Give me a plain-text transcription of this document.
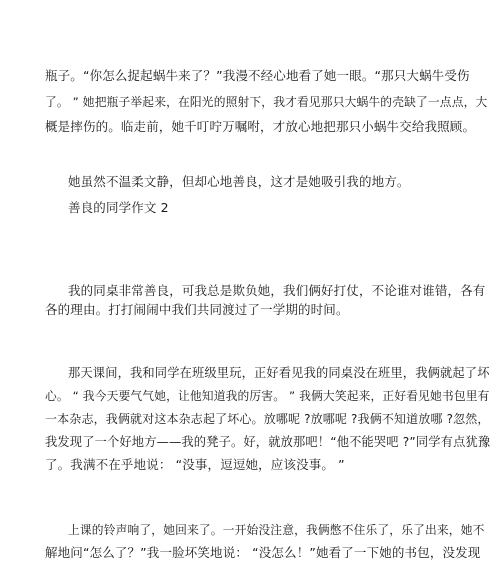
瓶子。“你怎么捉起蜗牛来了？”我漫不经心地看了她一眼。“那只大蜗牛受伤
了。 ” 她把瓶子举起来，在阳光的照射下，我才看见那只大蜗牛的壳缺了一点点，大
概是摔伤的。临走前，她千叮咛万嘱咐，才放心地把那只小蜗牛交给我照顾。
她虽然不温柔文静，但却心地善良，这才是她吸引我的地方。
善良的同学作文 2
我的同桌非常善良，可我总是欺负她，我们俩好打仗，不论谁对谁错，各有
各的理由。打打闹闹中我们共同渡过了一学期的时间。
那天课间，我和同学在班级里玩，正好看见我的同桌没在班里，我俩就起了坏
心。 “ 我今天要气气她，让他知道我的厉害。 ” 我俩大笑起来，正好看见她书包里有
一本杂志，我俩就对这本杂志起了坏心。放哪呢 ?放哪呢 ?我俩不知道放哪 ?忽然，
我发现了一个好地方——我的凳子。好，就放那吧！“他不能哭吧 ?”同学有点犹豫
了。我满不在乎地说： “没事，逗逗她，应该没事。 ”
上课的铃声响了，她回来了。一开始没注意，我俩憋不住乐了，乐了出来，她不
解地问“怎么了？”我一脸坏笑地说： “没怎么！”她看了一下她的书包，没发现
